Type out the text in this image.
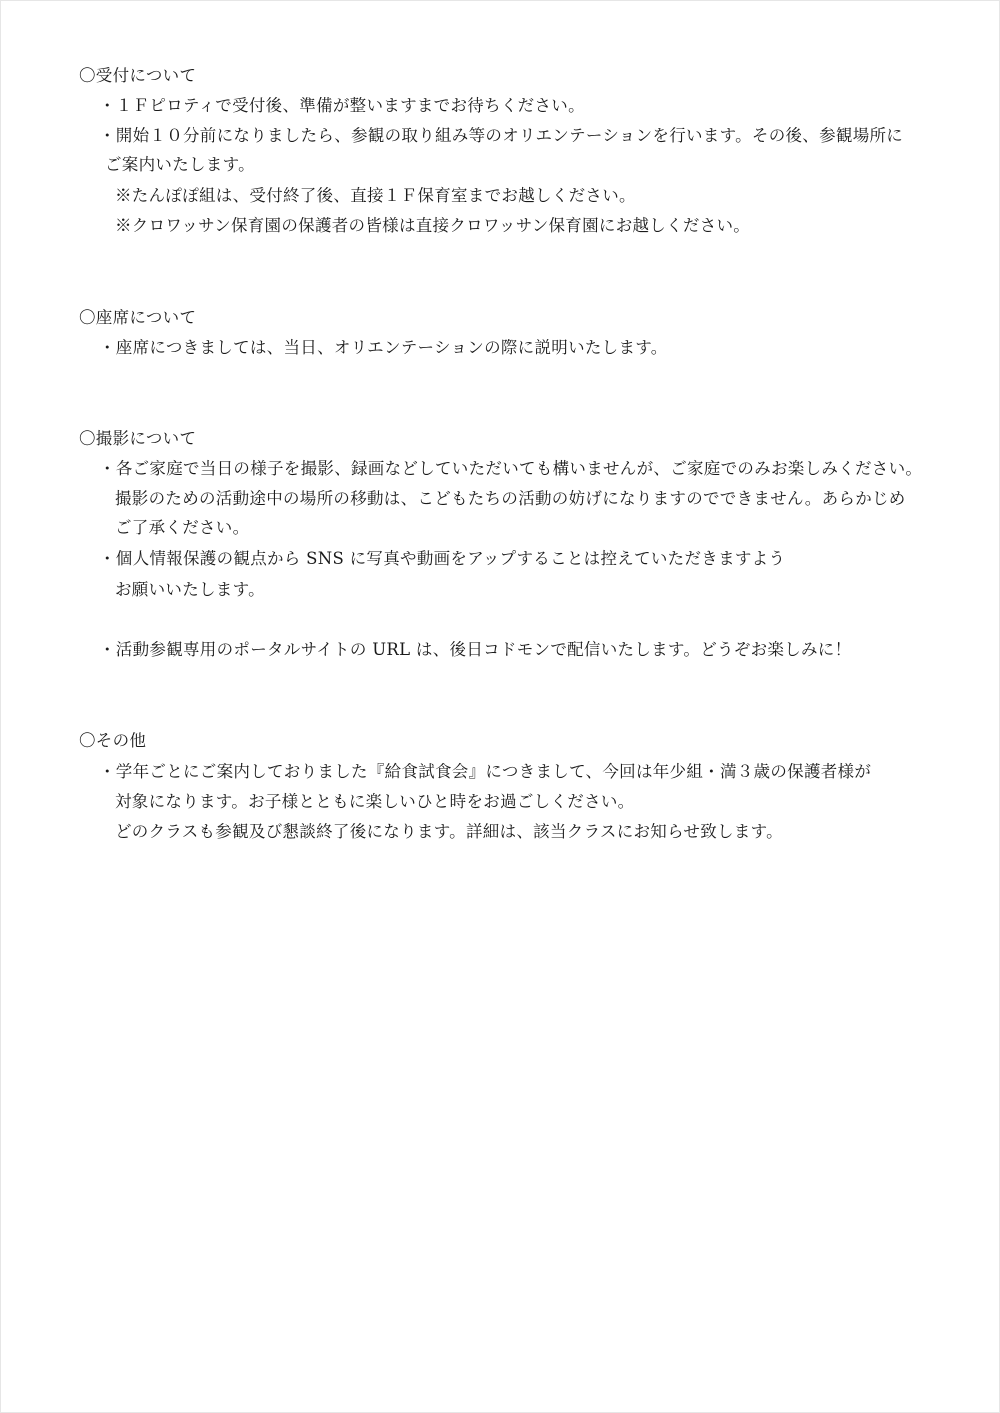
〇受付について
・１Ｆピロティで受付後、準備が整いますまでお待ちください。
・開始１０分前になりましたら、参観の取り組み等のオリエンテーションを行います。その後、参観場所に
ご案内いたします。
※たんぽぽ組は、受付終了後、直接１Ｆ保育室までお越しください。
※クロワッサン保育園の保護者の皆様は直接クロワッサン保育園にお越しください。
〇座席について
・座席につきましては、当日、オリエンテーションの際に説明いたします。
〇撮影について
・各ご家庭で当日の様子を撮影、録画などしていただいても構いませんが、ご家庭でのみお楽しみください。
撮影のための活動途中の場所の移動は、こどもたちの活動の妨げになりますのでできません。あらかじめ
ご了承ください。
・個人情報保護の観点から SNS に写真や動画をアップすることは控えていただきますよう
お願いいたします。
・活動参観専用のポータルサイトの URL は、後日コドモンで配信いたします。どうぞお楽しみに！
〇その他
・学年ごとにご案内しておりました『給食試食会』につきまして、今回は年少組・満３歳の保護者様が
対象になります。お子様とともに楽しいひと時をお過ごしください。
どのクラスも参観及び懇談終了後になります。詳細は、該当クラスにお知らせ致します。
